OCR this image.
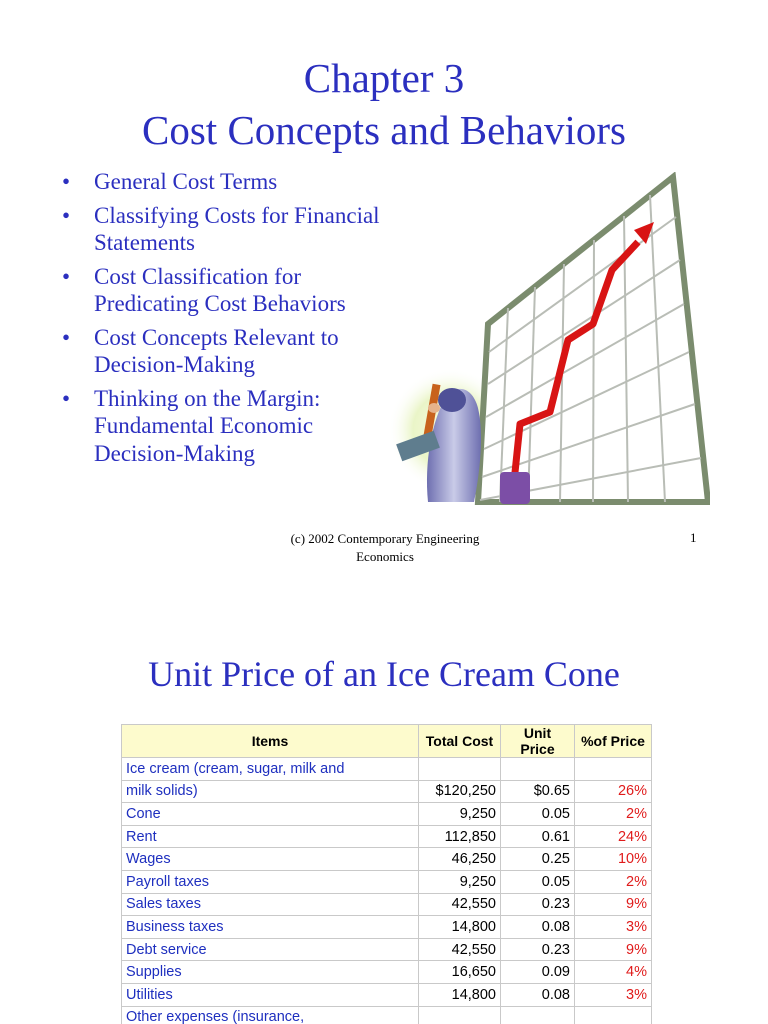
Chapter 3
Cost Concepts and Behaviors
• General Cost Terms
• Classifying Costs for Financial Statements
• Cost Classification for Predicating Cost Behaviors
• Cost Concepts Relevant to Decision-Making
• Thinking on the Margin: Fundamental Economic Decision-Making
(c) 2002 Contemporary Engineering
Economics
1
Unit Price of an Ice Cream Cone
Items	Total Cost	Unit Price	%of Price
Ice cream (cream, sugar, milk and			
milk solids)	$120,250	$0.65	26%
Cone	9,250	0.05	2%
Rent	112,850	0.61	24%
Wages	46,250	0.25	10%
Payroll taxes	9,250	0.05	2%
Sales taxes	42,550	0.23	9%
Business taxes	14,800	0.08	3%
Debt service	42,550	0.23	9%
Supplies	16,650	0.09	4%
Utilities	14,800	0.08	3%
Other expenses (insurance,			
